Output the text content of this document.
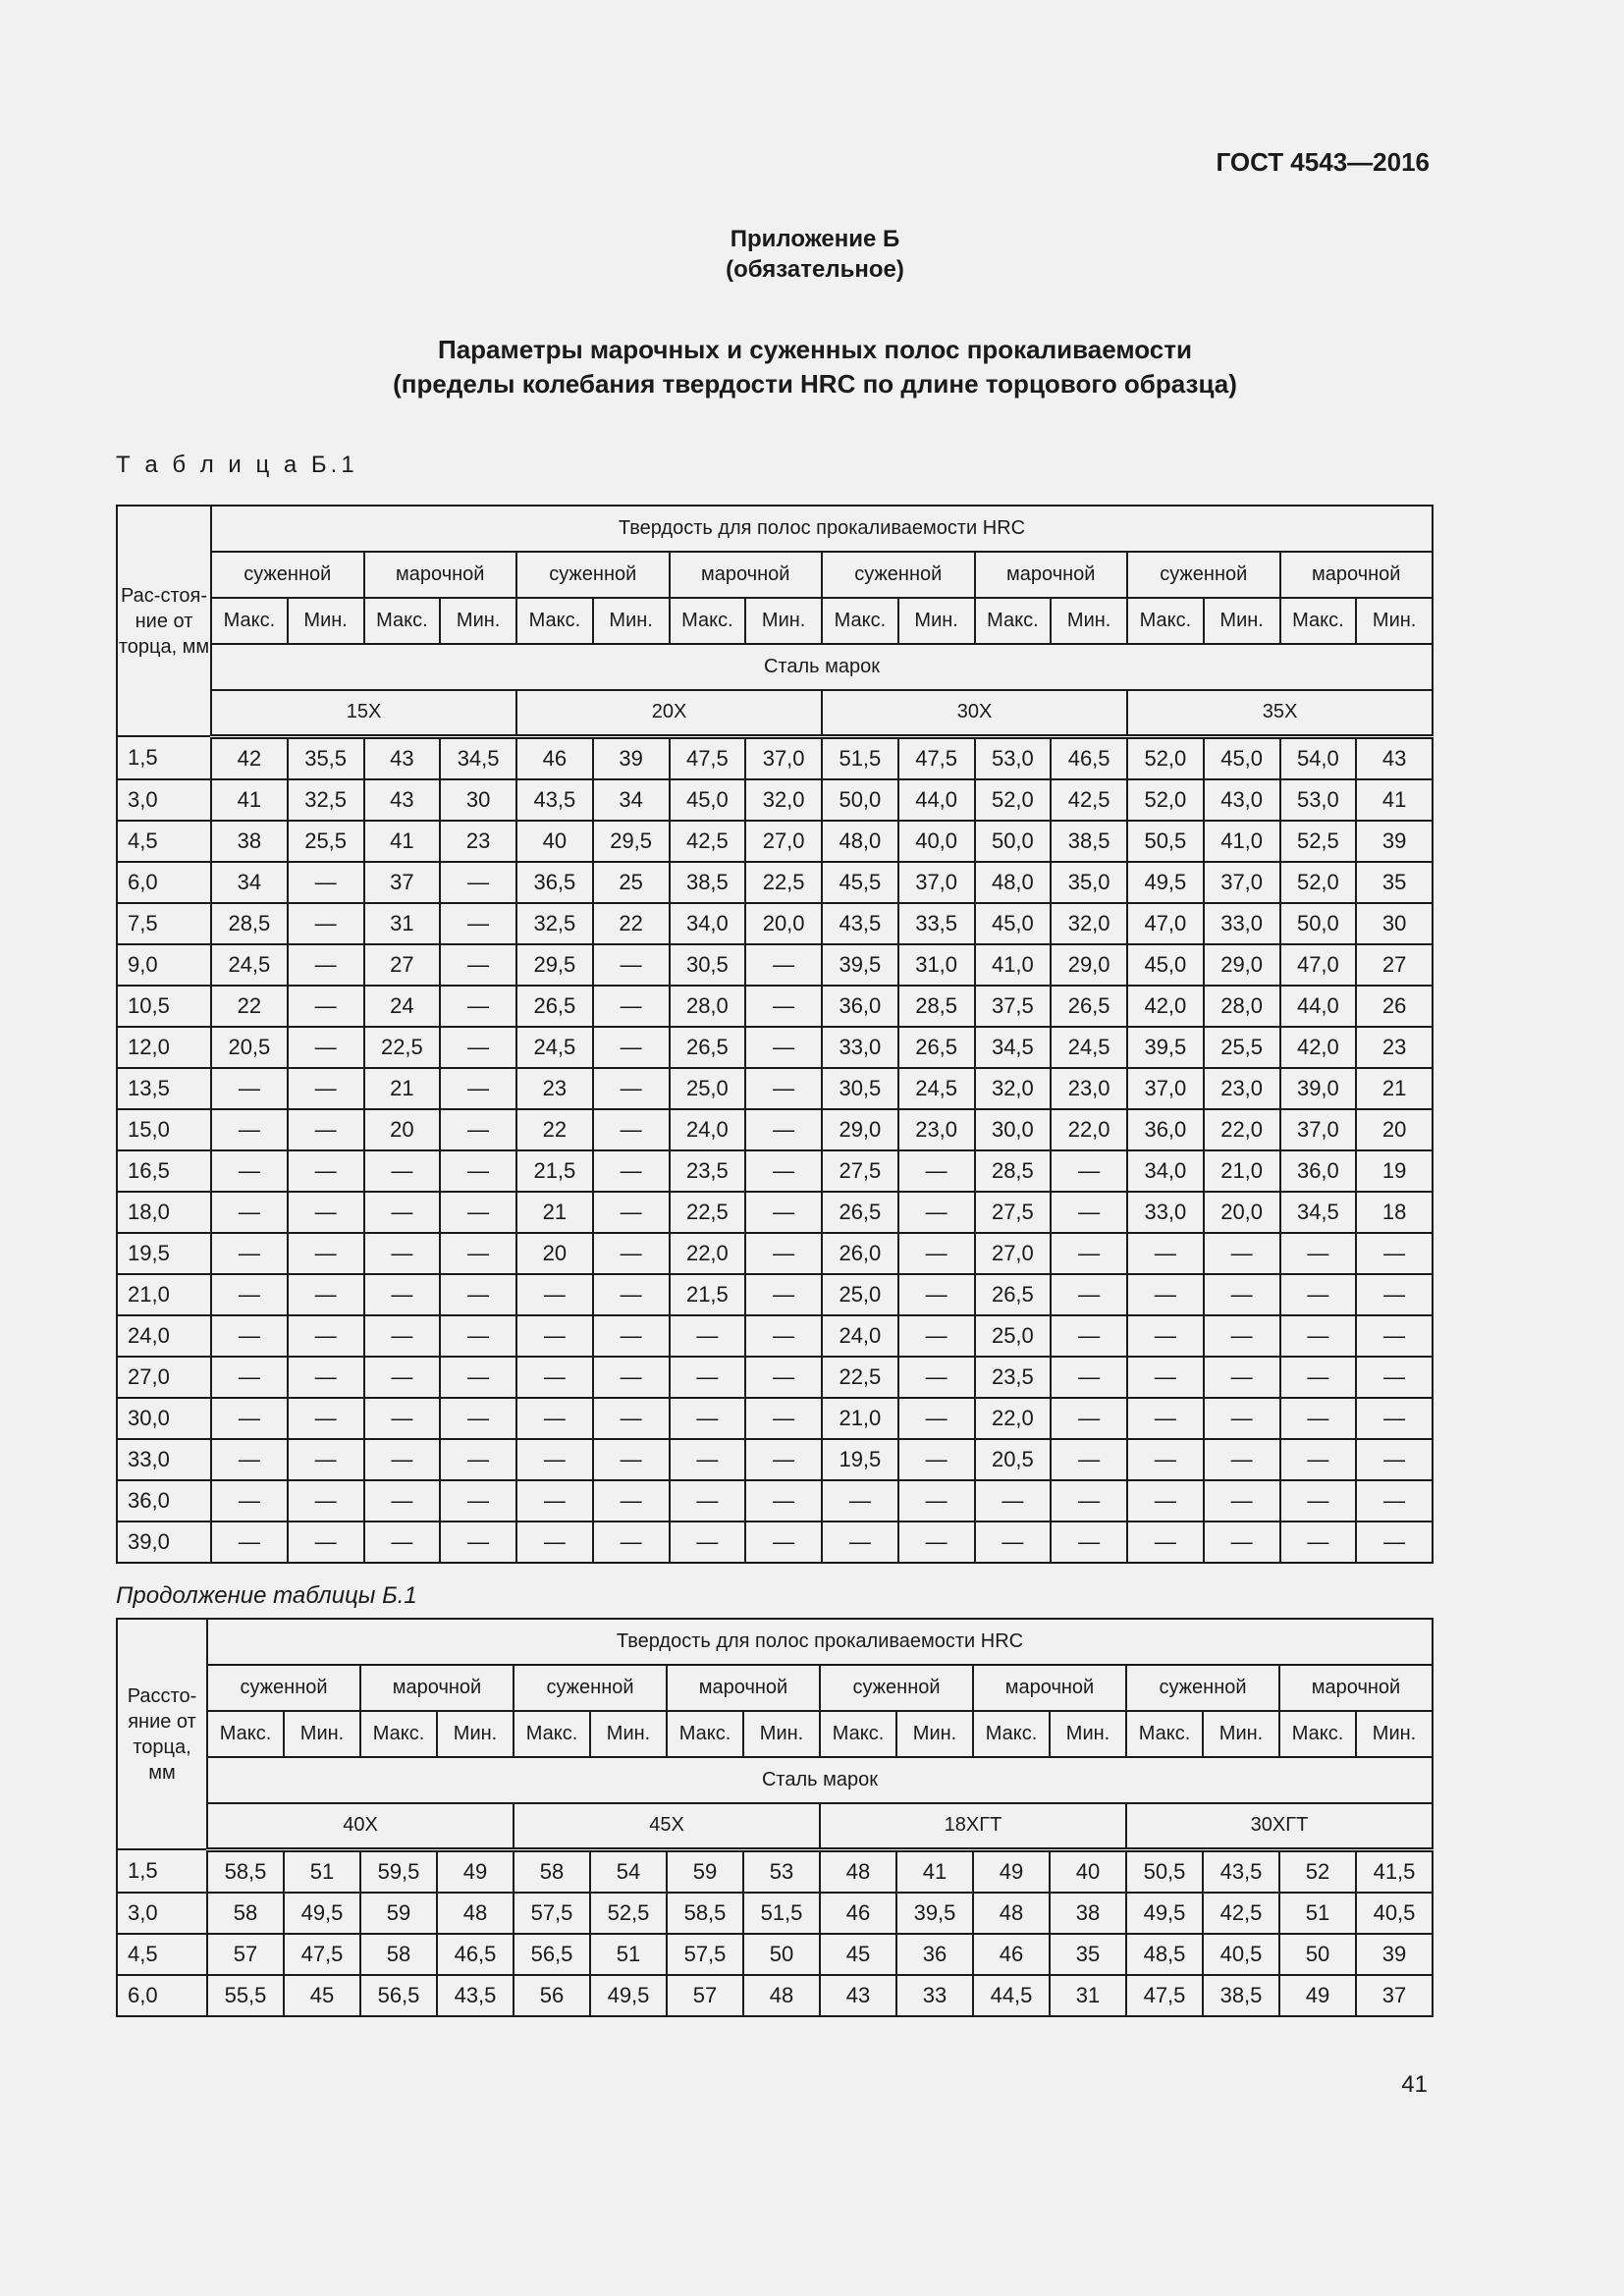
ГОСТ 4543—2016
Приложение Б
(обязательное)
Параметры марочных и суженных полос прокаливаемости
(пределы колебания твердости HRC по длине торцового образца)
Т а б л и ц а Б.1
Рас-стоя-ние от торца, мм	Твердость для полос прокаливаемости HRC															
	суженной		марочной		суженной		марочной		суженной		марочной		суженной		марочной	
	Макс.	Мин.	Макс.	Мин.	Макс.	Мин.	Макс.	Мин.	Макс.	Мин.	Макс.	Мин.	Макс.	Мин.	Макс.	Мин.
	Сталь марок															
	15Х				20Х				30Х				35Х			
1,5	42	35,5	43	34,5	46	39	47,5	37,0	51,5	47,5	53,0	46,5	52,0	45,0	54,0	43
3,0	41	32,5	43	30	43,5	34	45,0	32,0	50,0	44,0	52,0	42,5	52,0	43,0	53,0	41
4,5	38	25,5	41	23	40	29,5	42,5	27,0	48,0	40,0	50,0	38,5	50,5	41,0	52,5	39
6,0	34	—	37	—	36,5	25	38,5	22,5	45,5	37,0	48,0	35,0	49,5	37,0	52,0	35
7,5	28,5	—	31	—	32,5	22	34,0	20,0	43,5	33,5	45,0	32,0	47,0	33,0	50,0	30
9,0	24,5	—	27	—	29,5	—	30,5	—	39,5	31,0	41,0	29,0	45,0	29,0	47,0	27
10,5	22	—	24	—	26,5	—	28,0	—	36,0	28,5	37,5	26,5	42,0	28,0	44,0	26
12,0	20,5	—	22,5	—	24,5	—	26,5	—	33,0	26,5	34,5	24,5	39,5	25,5	42,0	23
13,5	—	—	21	—	23	—	25,0	—	30,5	24,5	32,0	23,0	37,0	23,0	39,0	21
15,0	—	—	20	—	22	—	24,0	—	29,0	23,0	30,0	22,0	36,0	22,0	37,0	20
16,5	—	—	—	—	21,5	—	23,5	—	27,5	—	28,5	—	34,0	21,0	36,0	19
18,0	—	—	—	—	21	—	22,5	—	26,5	—	27,5	—	33,0	20,0	34,5	18
19,5	—	—	—	—	20	—	22,0	—	26,0	—	27,0	—	—	—	—	—
21,0	—	—	—	—	—	—	21,5	—	25,0	—	26,5	—	—	—	—	—
24,0	—	—	—	—	—	—	—	—	24,0	—	25,0	—	—	—	—	—
27,0	—	—	—	—	—	—	—	—	22,5	—	23,5	—	—	—	—	—
30,0	—	—	—	—	—	—	—	—	21,0	—	22,0	—	—	—	—	—
33,0	—	—	—	—	—	—	—	—	19,5	—	20,5	—	—	—	—	—
36,0	—	—	—	—	—	—	—	—	—	—	—	—	—	—	—	—
39,0	—	—	—	—	—	—	—	—	—	—	—	—	—	—	—	—
Продолжение таблицы Б.1
Рассто-яние от торца, мм	Твердость для полос прокаливаемости HRC															
	суженной		марочной		суженной		марочной		суженной		марочной		суженной		марочной	
	Макс.	Мин.	Макс.	Мин.	Макс.	Мин.	Макс.	Мин.	Макс.	Мин.	Макс.	Мин.	Макс.	Мин.	Макс.	Мин.
	Сталь марок															
	40Х				45Х				18ХГТ				30ХГТ			
1,5	58,5	51	59,5	49	58	54	59	53	48	41	49	40	50,5	43,5	52	41,5
3,0	58	49,5	59	48	57,5	52,5	58,5	51,5	46	39,5	48	38	49,5	42,5	51	40,5
4,5	57	47,5	58	46,5	56,5	51	57,5	50	45	36	46	35	48,5	40,5	50	39
6,0	55,5	45	56,5	43,5	56	49,5	57	48	43	33	44,5	31	47,5	38,5	49	37
41
